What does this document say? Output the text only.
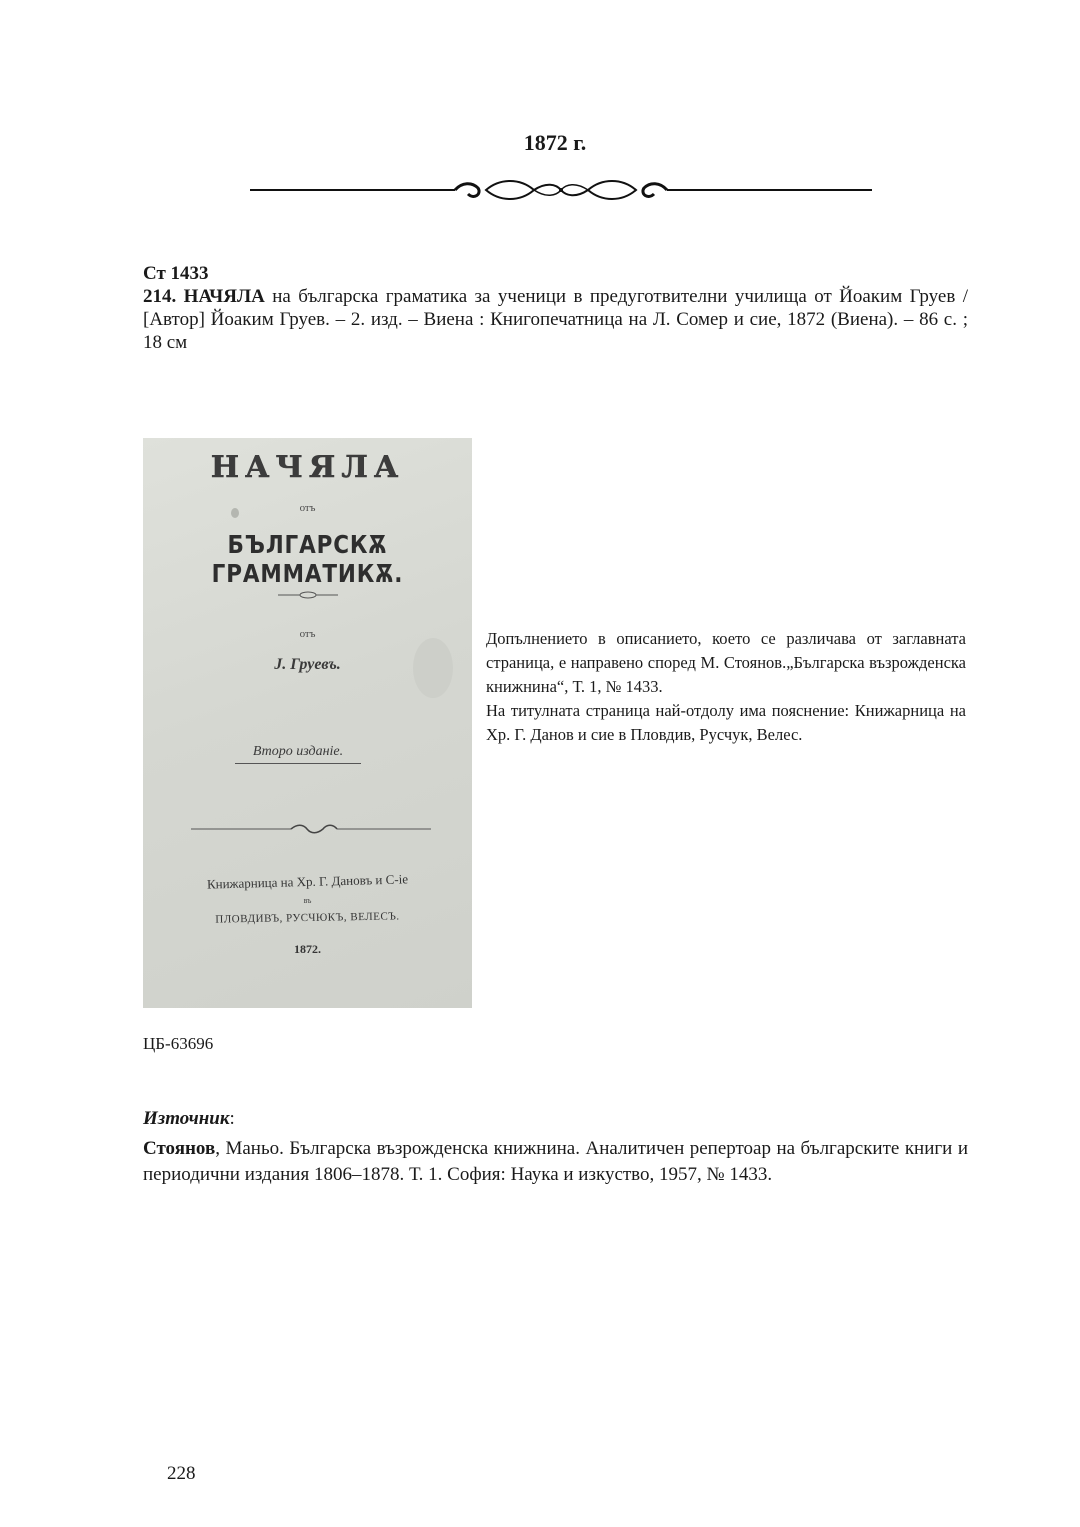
1872 г.
Ст 1433
214. НАЧЯЛА на българска граматика за ученици в предуготвителни училища от Йоаким Груев / [Автор] Йоаким Груев. – 2. изд. – Виена : Книгопечатница на Л. Сомер и сие, 1872 (Виена). – 86 с. ; 18 см
НАЧЯЛА
отъ
БЪЛГАРСКѪ ГРАММАТИКѪ.
отъ
Ј. Груевъ.
Второ изданіе.
Книжарница на Хр. Г. Дановъ и С-іе
въ
ПЛОВДИВЪ, РУСЧЮКЪ, ВЕЛЕСЪ.
1872.

Допълнението в описанието, което се различава от заглавната страница, е направено според М. Стоянов.„Българска възрожденска книжнина“, Т. 1, № 1433.

На титулната страница най-отдолу има пояснение: Книжарница на Хр. Г. Данов и сие в Пловдив, Русчук, Велес.

ЦБ-63696
Източник:
Стоянов, Маньо. Българска възрожденска книжнина. Аналитичен репертоар на българските книги и периодични издания 1806–1878. Т. 1. София: Наука и изкуство, 1957, № 1433.
228
